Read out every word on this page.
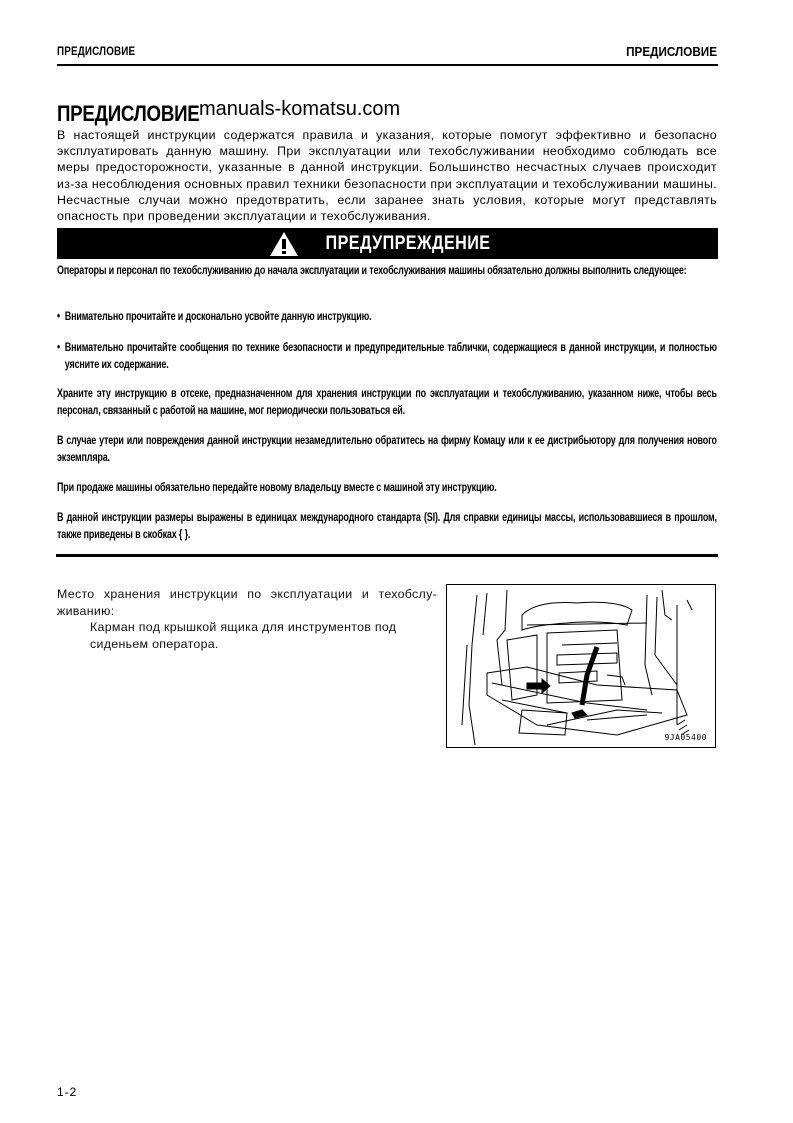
ПРЕДИСЛОВИЕ	ПРЕДИСЛОВИЕ
ПРЕДИСЛОВИЕ manuals-komatsu.com
В настоящей инструкции содержатся правила и указания, которые помогут эффективно и безопасно эксплуатировать данную машину. При эксплуатации или техобслуживании необходимо соблюдать все меры предосторожности, указанные в данной инструкции. Большинство несчастных случаев происходит из-за несоблюдения основных правил техники безопасности при эксплуатации и техобслуживании машины. Несчастные случаи можно предотвратить, если заранее знать условия, которые могут представлять опасность при проведении эксплуатации и техобслуживания.
ПРЕДУПРЕЖДЕНИЕ
Операторы и персонал по техобслуживанию до начала эксплуатации и техобслуживания машины обязательно должны выполнить следующее:
• Внимательно прочитайте и досконально усвойте данную инструкцию.
• Внимательно прочитайте сообщения по технике безопасности и предупредительные таблички, содержащиеся в данной инструкции, и полностью уясните их содержание.
Храните эту инструкцию в отсеке, предназначенном для хранения инструкции по эксплуатации и техобслуживанию, указанном ниже, чтобы весь персонал, связанный с работой на машине, мог периодически пользоваться ей.
В случае утери или повреждения данной инструкции незамедлительно обратитесь на фирму Комацу или к ее дистрибьютору для получения нового экземпляра.
При продаже машины обязательно передайте новому владельцу вместе с машиной эту инструкцию.
В данной инструкции размеры выражены в единицах международного стандарта (SI). Для справки единицы массы, использовавшиеся в прошлом, также приведены в скобках { }.
Место хранения инструкции по эксплуатации и техобслу-живанию:
Карман под крышкой ящика для инструментов под сиденьем оператора.
9JA05400
1-2
